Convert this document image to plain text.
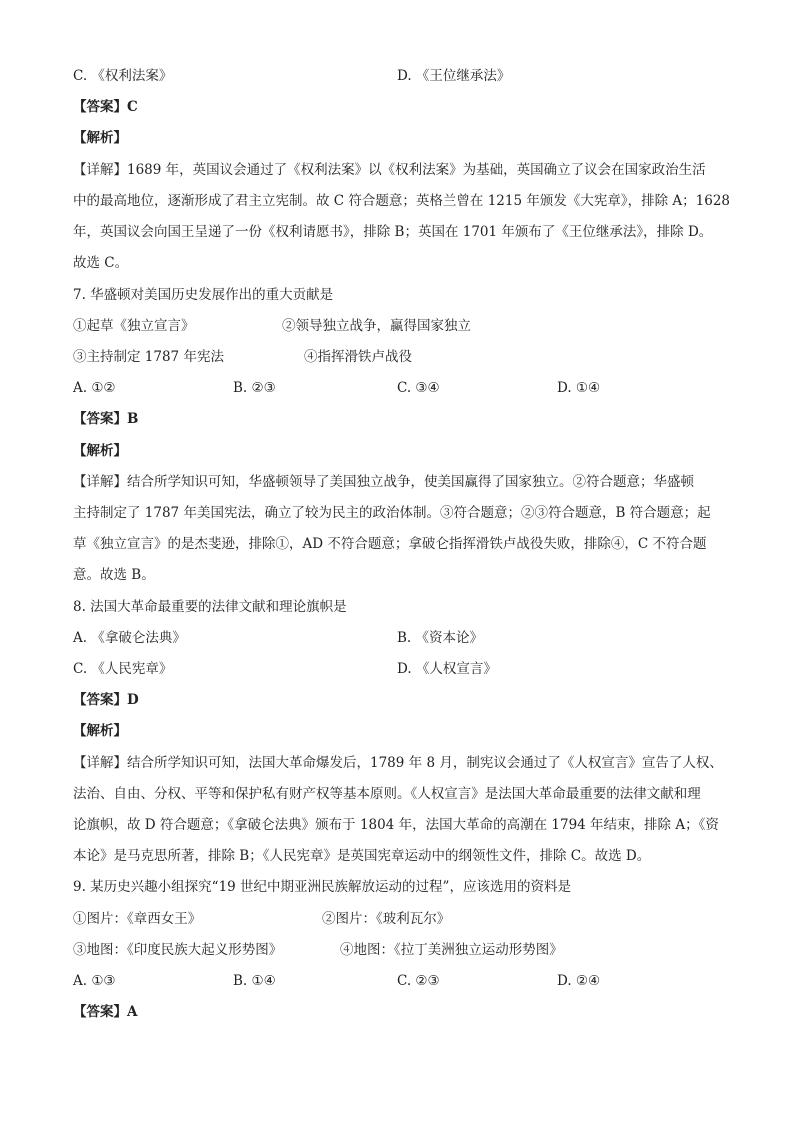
C. 《权利法案》	D. 《王位继承法》
【答案】C
【解析】
【详解】1689 年，英国议会通过了《权利法案》以《权利法案》为基础，英国确立了议会在国家政治生活
中的最高地位，逐渐形成了君主立宪制。故 C 符合题意；英格兰曾在 1215 年颁发《大宪章》，排除 A；1628
年，英国议会向国王呈递了一份《权利请愿书》，排除 B；英国在 1701 年颁布了《王位继承法》，排除 D。
故选 C。
7. 华盛顿对美国历史发展作出的重大贡献是
①起草《独立宣言》	②领导独立战争，赢得国家独立
③主持制定 1787 年宪法	④指挥滑铁卢战役
A. ①②	B. ②③	C. ③④	D. ①④
【答案】B
【解析】
【详解】结合所学知识可知，华盛顿领导了美国独立战争，使美国赢得了国家独立。②符合题意；华盛顿
主持制定了 1787 年美国宪法，确立了较为民主的政治体制。③符合题意；②③符合题意，B 符合题意；起
草《独立宣言》的是杰斐逊，排除①，AD 不符合题意；拿破仑指挥滑铁卢战役失败，排除④，C 不符合题
意。故选 B。
8. 法国大革命最重要的法律文献和理论旗帜是
A. 《拿破仑法典》	B. 《资本论》
C. 《人民宪章》	D. 《人权宣言》
【答案】D
【解析】
【详解】结合所学知识可知，法国大革命爆发后，1789 年 8 月，制宪议会通过了《人权宣言》宣告了人权、
法治、自由、分权、平等和保护私有财产权等基本原则。《人权宣言》是法国大革命最重要的法律文献和理
论旗帜，故 D 符合题意；《拿破仑法典》颁布于 1804 年，法国大革命的高潮在 1794 年结束，排除 A；《资
本论》是马克思所著，排除 B；《人民宪章》是英国宪章运动中的纲领性文件，排除 C。故选 D。
9. 某历史兴趣小组探究“19 世纪中期亚洲民族解放运动的过程”，应该选用的资料是
①图片：《章西女王》	②图片：《玻利瓦尔》
③地图：《印度民族大起义形势图》	④地图：《拉丁美洲独立运动形势图》
A. ①③	B. ①④	C. ②③	D. ②④
【答案】A
